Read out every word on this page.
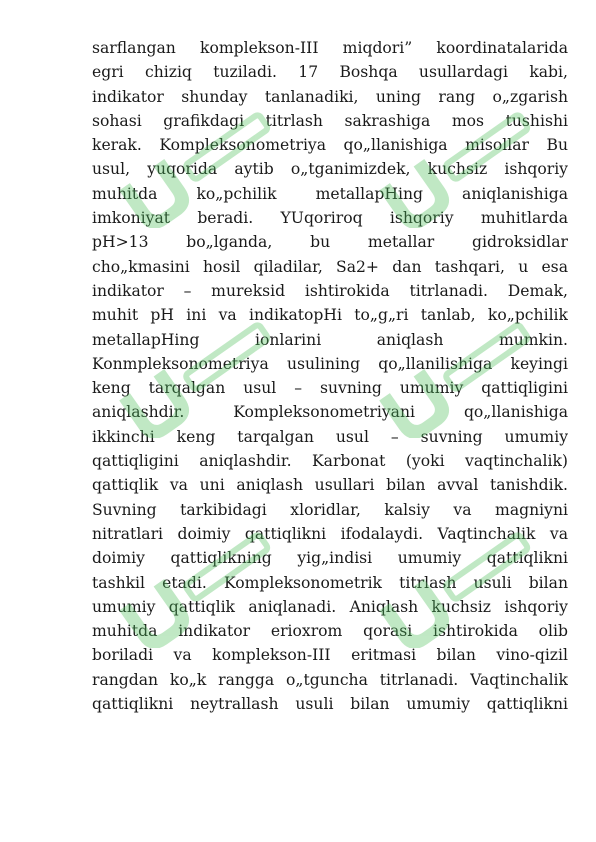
sarflangan komplekson-III miqdori” koordinatalarida
egri chiziq tuziladi. 17 Boshqa usullardagi kabi,
indikator shunday tanlanadiki, uning rang o„zgarish
sohasi grafikdagi titrlash sakrashiga mos tushishi
kerak. Kompleksonometriya qo„llanishiga misollar Bu
usul, yuqorida aytib o„tganimizdek, kuchsiz ishqoriy
muhitda ko„pchilik metallapHing aniqlanishiga
imkoniyat beradi. YUqoriroq ishqoriy muhitlarda
pH>13 bo„lganda, bu metallar gidroksidlar
cho„kmasini hosil qiladilar, Sa2+ dan tashqari, u esa
indikator – mureksid ishtirokida titrlanadi. Demak,
muhit pH ini va indikatopHi to„g„ri tanlab, ko„pchilik
metallapHing ionlarini aniqlash mumkin.
Konmpleksonometriya usulining qo„llanilishiga keyingi
keng tarqalgan usul – suvning umumiy qattiqligini
aniqlashdir. Kompleksonometriyani qo„llanishiga
ikkinchi keng tarqalgan usul – suvning umumiy
qattiqligini aniqlashdir. Karbonat (yoki vaqtinchalik)
qattiqlik va uni aniqlash usullari bilan avval tanishdik.
Suvning tarkibidagi xloridlar, kalsiy va magniyni
nitratlari doimiy qattiqlikni ifodalaydi. Vaqtinchalik va
doimiy qattiqlikning yig„indisi umumiy qattiqlikni
tashkil etadi. Kompleksonometrik titrlash usuli bilan
umumiy qattiqlik aniqlanadi. Aniqlash kuchsiz ishqoriy
muhitda indikator erioxrom qorasi ishtirokida olib
boriladi va komplekson-III eritmasi bilan vino-qizil
rangdan ko„k rangga o„tguncha titrlanadi. Vaqtinchalik
qattiqlikni neytrallash usuli bilan umumiy qattiqlikni
